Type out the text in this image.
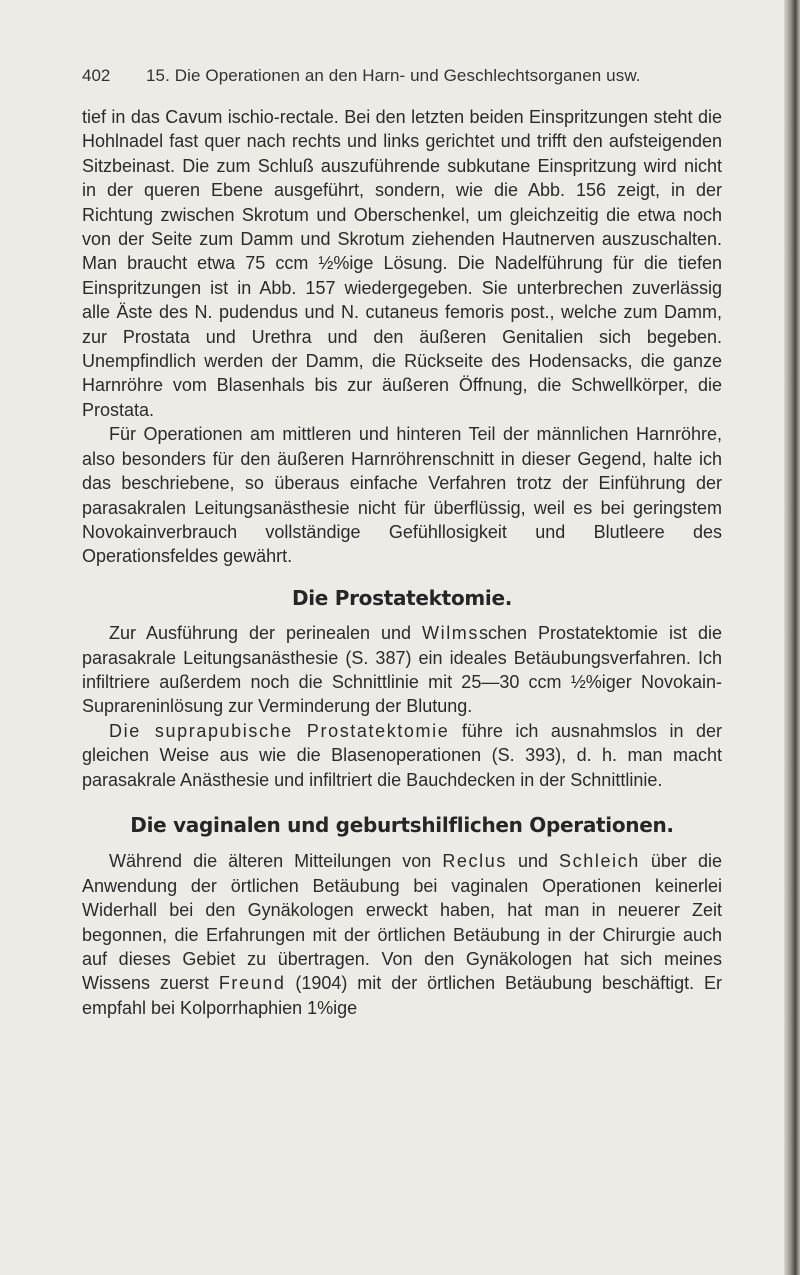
402 15. Die Operationen an den Harn- und Geschlechtsorganen usw.

tief in das Cavum ischio-rectale. Bei den letzten beiden Einspritzungen steht die Hohlnadel fast quer nach rechts und links gerichtet und trifft den aufsteigenden Sitzbeinast. Die zum Schluß auszuführende subkutane Einspritzung wird nicht in der queren Ebene ausgeführt, sondern, wie die Abb. 156 zeigt, in der Richtung zwischen Skrotum und Oberschenkel, um gleichzeitig die etwa noch von der Seite zum Damm und Skrotum ziehenden Hautnerven auszuschalten. Man braucht etwa 75 ccm ½%ige Lösung. Die Nadelführung für die tiefen Einspritzungen ist in Abb. 157 wiedergegeben. Sie unterbrechen zuverlässig alle Äste des N. pudendus und N. cutaneus femoris post., welche zum Damm, zur Prostata und Urethra und den äußeren Genitalien sich begeben. Unempfindlich werden der Damm, die Rückseite des Hodensacks, die ganze Harnröhre vom Blasenhals bis zur äußeren Öffnung, die Schwellkörper, die Prostata.

Für Operationen am mittleren und hinteren Teil der männlichen Harnröhre, also besonders für den äußeren Harnröhrenschnitt in dieser Gegend, halte ich das beschriebene, so überaus einfache Verfahren trotz der Einführung der parasakralen Leitungsanästhesie nicht für überflüssig, weil es bei geringstem Novokainverbrauch vollständige Gefühllosigkeit und Blutleere des Operationsfeldes gewährt.

Die Prostatektomie.

Zur Ausführung der perinealen und Wilmsschen Prostatektomie ist die parasakrale Leitungsanästhesie (S. 387) ein ideales Betäubungsverfahren. Ich infiltriere außerdem noch die Schnittlinie mit 25—30 ccm ½%iger Novokain-Suprareninlösung zur Verminderung der Blutung.

Die suprapubische Prostatektomie führe ich ausnahmslos in der gleichen Weise aus wie die Blasenoperationen (S. 393), d. h. man macht parasakrale Anästhesie und infiltriert die Bauchdecken in der Schnittlinie.

Die vaginalen und geburtshilflichen Operationen.

Während die älteren Mitteilungen von Reclus und Schleich über die Anwendung der örtlichen Betäubung bei vaginalen Operationen keinerlei Widerhall bei den Gynäkologen erweckt haben, hat man in neuerer Zeit begonnen, die Erfahrungen mit der örtlichen Betäubung in der Chirurgie auch auf dieses Gebiet zu übertragen. Von den Gynäkologen hat sich meines Wissens zuerst Freund (1904) mit der örtlichen Betäubung beschäftigt. Er empfahl bei Kolporrhaphien 1%ige
